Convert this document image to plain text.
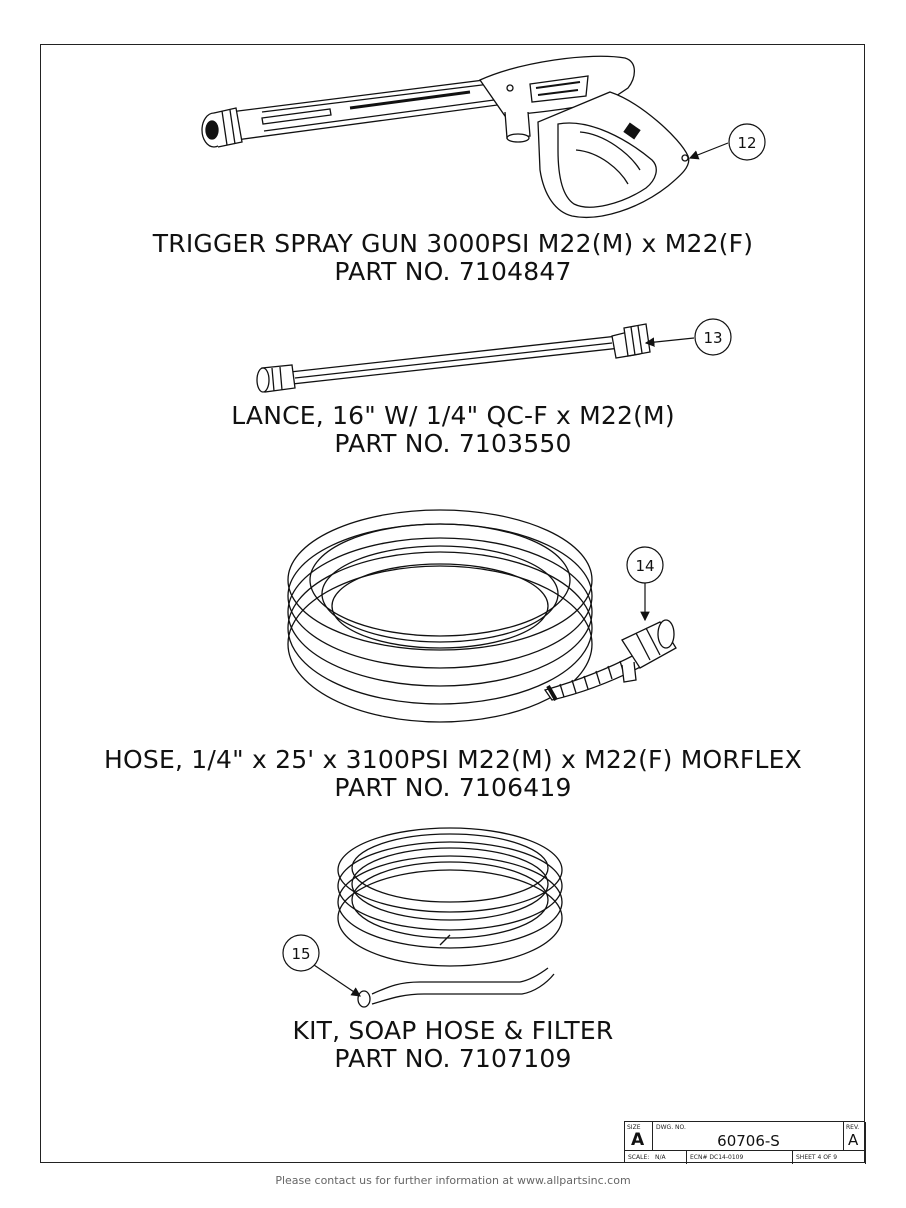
12
13
14
15
TRIGGER SPRAY GUN 3000PSI M22(M) x M22(F)
PART NO. 7104847
LANCE, 16" W/ 1/4" QC-F x M22(M)
PART NO. 7103550
HOSE, 1/4" x 25' x 3100PSI M22(M) x M22(F) MORFLEX
PART NO. 7106419
KIT, SOAP HOSE & FILTER
PART NO. 7107109
SIZE
A
DWG. NO.
60706-S
REV.
A
SCALE: N/A	ECN# DC14-0109	SHEET 4 OF 9
Please contact us for further information at www.allpartsinc.com
